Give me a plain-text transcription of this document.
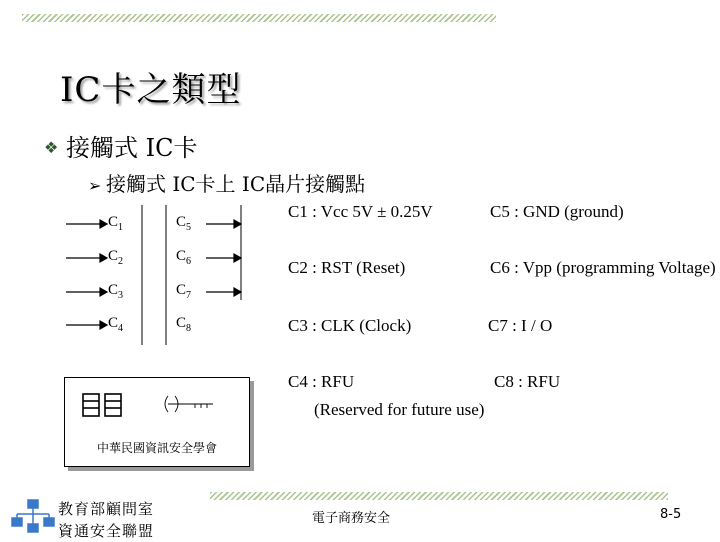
IC卡之類型
❖ 接觸式 IC卡
➢ 接觸式 IC卡上 IC晶片接觸點
$C_1$
$C_2$
$C_3$
$C_4$
$C_5$
$C_6$
$C_7$
$C_8$
C1 : Vcc 5V ± 0.25V	C5 : GND (ground)
C2 : RST (Reset)	C6 : Vpp (programming Voltage)
C3 : CLK (Clock)	C7 : I / O
C4 : RFU	C8 : RFU
(Reserved for future use)
中華民國資訊安全學會
教育部顧問室
資通安全聯盟
電子商務安全	8-5
